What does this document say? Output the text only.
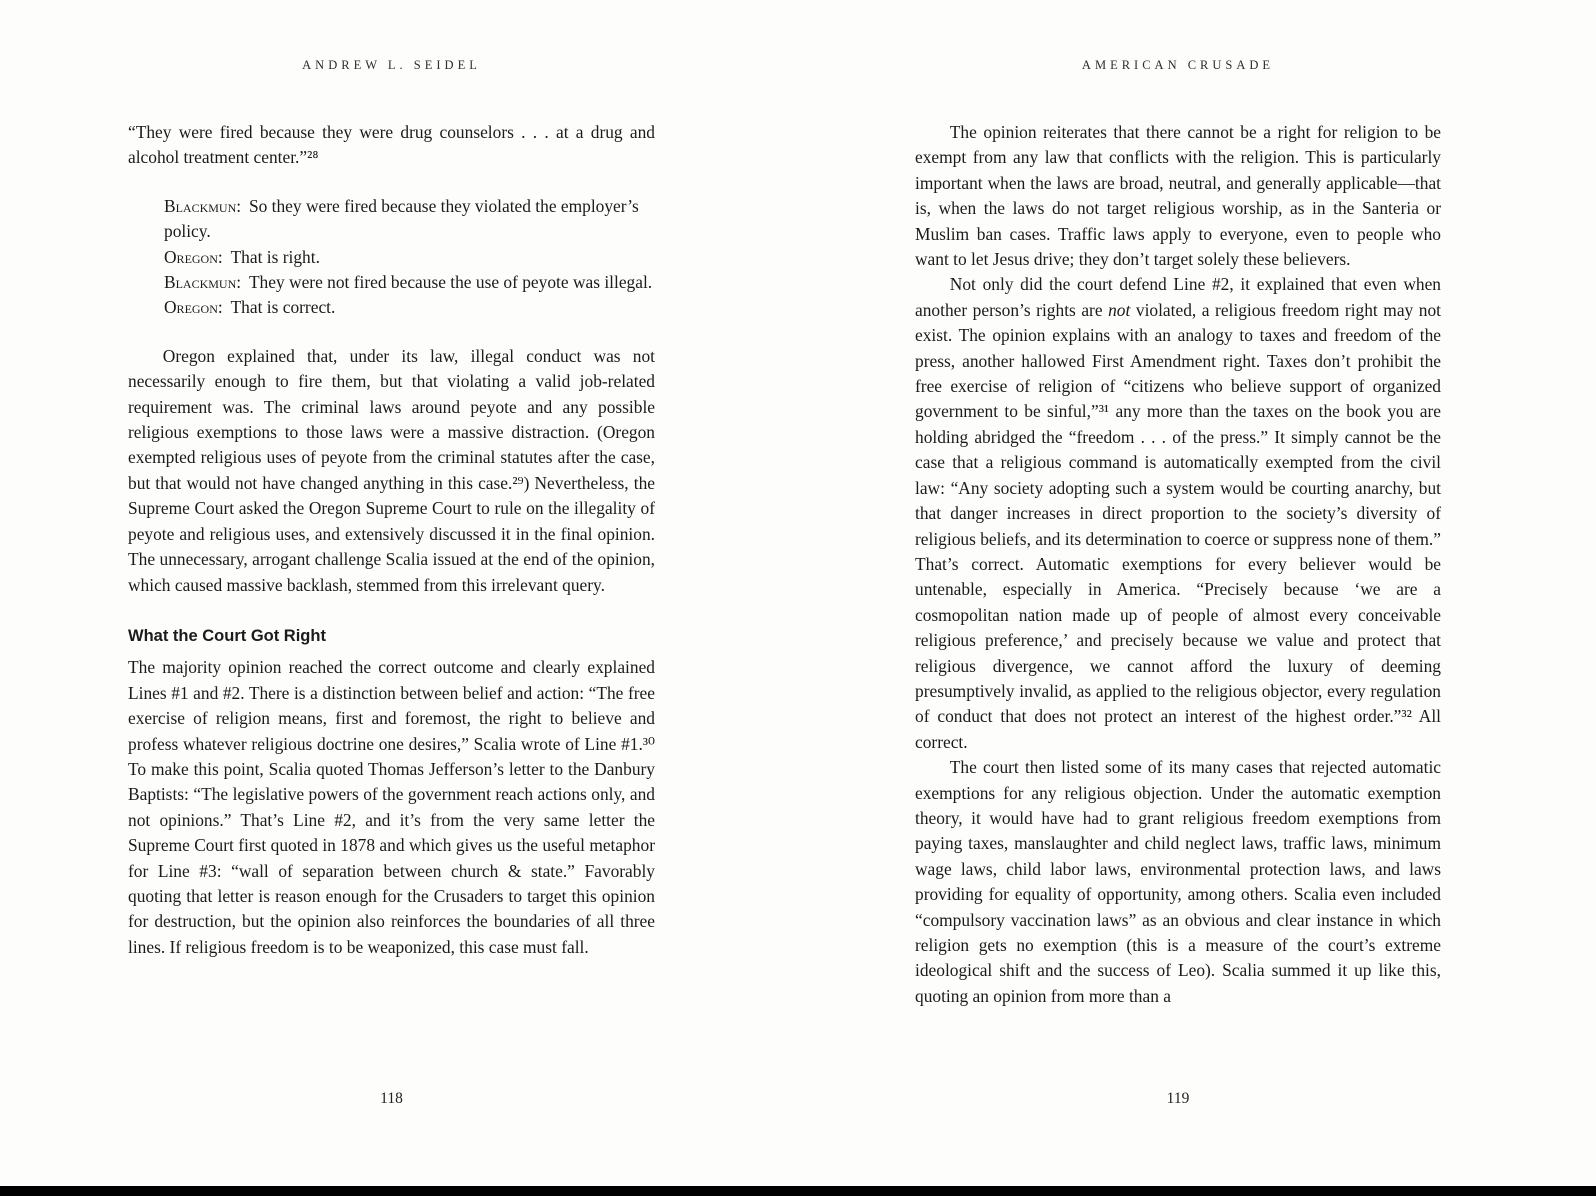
ANDREW L. SEIDEL

“They were fired because they were drug counselors . . . at a drug and alcohol treatment center.”²⁸

Blackmun: So they were fired because they violated the employer’s policy.

Oregon: That is right.

Blackmun: They were not fired because the use of peyote was illegal.

Oregon: That is correct.

Oregon explained that, under its law, illegal conduct was not necessarily enough to fire them, but that violating a valid job-related requirement was. The criminal laws around peyote and any possible religious exemptions to those laws were a massive distraction. (Oregon exempted religious uses of peyote from the criminal statutes after the case, but that would not have changed anything in this case.²⁹) Nevertheless, the Supreme Court asked the Oregon Supreme Court to rule on the illegality of peyote and religious uses, and extensively discussed it in the final opinion. The unnecessary, arrogant challenge Scalia issued at the end of the opinion, which caused massive backlash, stemmed from this irrelevant query.

What the Court Got Right

The majority opinion reached the correct outcome and clearly explained Lines #1 and #2. There is a distinction between belief and action: “The free exercise of religion means, first and foremost, the right to believe and profess whatever religious doctrine one desires,” Scalia wrote of Line #1.³⁰ To make this point, Scalia quoted Thomas Jefferson’s letter to the Danbury Baptists: “The legislative powers of the government reach actions only, and not opinions.” That’s Line #2, and it’s from the very same letter the Supreme Court first quoted in 1878 and which gives us the useful metaphor for Line #3: “wall of separation between church & state.” Favorably quoting that letter is reason enough for the Crusaders to target this opinion for destruction, but the opinion also reinforces the boundaries of all three lines. If religious freedom is to be weaponized, this case must fall.

118
AMERICAN CRUSADE

The opinion reiterates that there cannot be a right for religion to be exempt from any law that conflicts with the religion. This is particularly important when the laws are broad, neutral, and generally applicable—that is, when the laws do not target religious worship, as in the Santeria or Muslim ban cases. Traffic laws apply to everyone, even to people who want to let Jesus drive; they don’t target solely these believers.

Not only did the court defend Line #2, it explained that even when another person’s rights are not violated, a religious freedom right may not exist. The opinion explains with an analogy to taxes and freedom of the press, another hallowed First Amendment right. Taxes don’t prohibit the free exercise of religion of “citizens who believe support of organized government to be sinful,”³¹ any more than the taxes on the book you are holding abridged the “freedom . . . of the press.” It simply cannot be the case that a religious command is automatically exempted from the civil law: “Any society adopting such a system would be courting anarchy, but that danger increases in direct proportion to the society’s diversity of religious beliefs, and its determination to coerce or suppress none of them.” That’s correct. Automatic exemptions for every believer would be untenable, especially in America. “Precisely because ‘we are a cosmopolitan nation made up of people of almost every conceivable religious preference,’ and precisely because we value and protect that religious divergence, we cannot afford the luxury of deeming presumptively invalid, as applied to the religious objector, every regulation of conduct that does not protect an interest of the highest order.”³² All correct.

The court then listed some of its many cases that rejected automatic exemptions for any religious objection. Under the automatic exemption theory, it would have had to grant religious freedom exemptions from paying taxes, manslaughter and child neglect laws, traffic laws, minimum wage laws, child labor laws, environmental protection laws, and laws providing for equality of opportunity, among others. Scalia even included “compulsory vaccination laws” as an obvious and clear instance in which religion gets no exemption (this is a measure of the court’s extreme ideological shift and the success of Leo). Scalia summed it up like this, quoting an opinion from more than a

119
